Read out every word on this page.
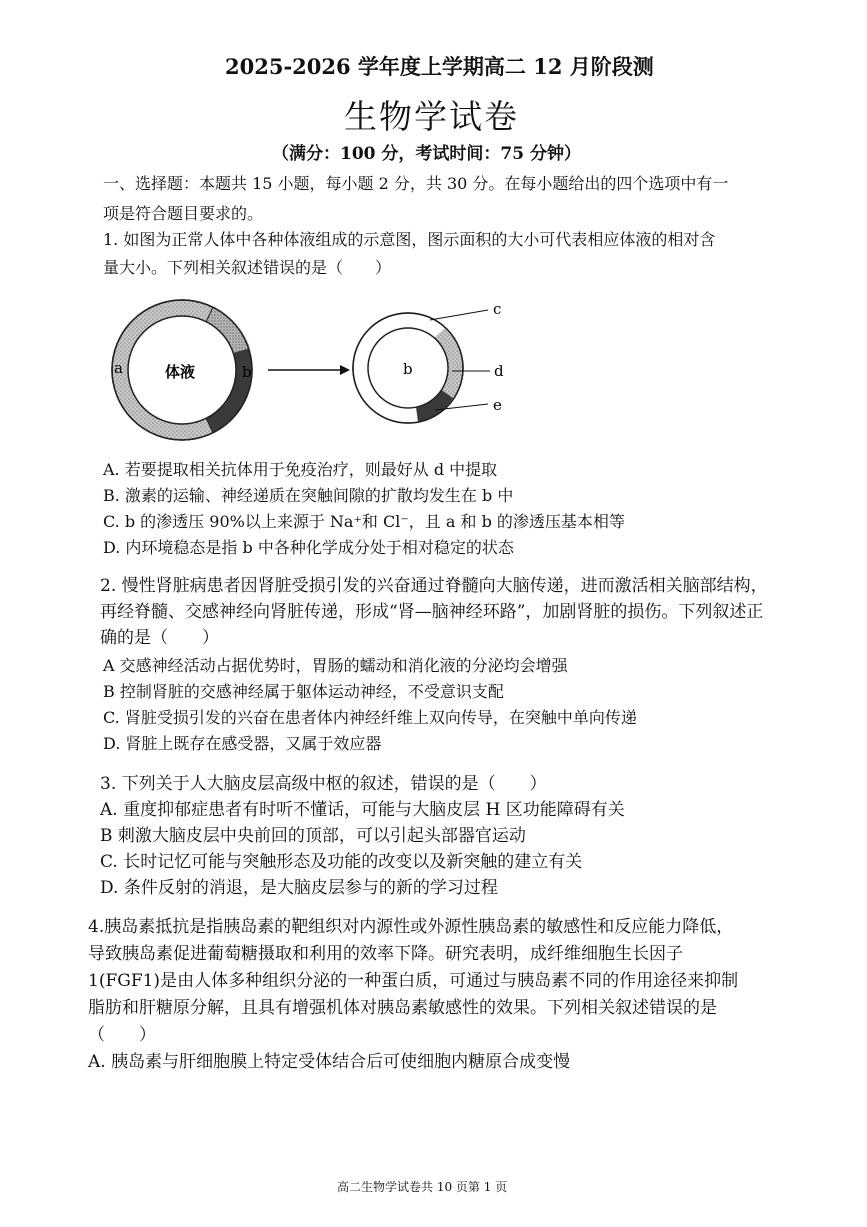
2025-2026 学年度上学期高二 12 月阶段测
生物学试卷
（满分：100 分，考试时间：75 分钟）
一、选择题：本题共 15 小题，每小题 2 分，共 30 分。在每小题给出的四个选项中有一
项是符合题目要求的。
1. 如图为正常人体中各种体液组成的示意图，图示面积的大小可代表相应体液的相对含
量大小。下列相关叙述错误的是（　　）
体液
a	b	b
c
d
e
A. 若要提取相关抗体用于免疫治疗，则最好从 d 中提取
B. 激素的运输、神经递质在突触间隙的扩散均发生在 b 中
C. b 的渗透压 90%以上来源于 Na⁺和 Cl⁻，且 a 和 b 的渗透压基本相等
D. 内环境稳态是指 b 中各种化学成分处于相对稳定的状态
2. 慢性肾脏病患者因肾脏受损引发的兴奋通过脊髓向大脑传递，进而激活相关脑部结构，
再经脊髓、交感神经向肾脏传递，形成“肾—脑神经环路”，加剧肾脏的损伤。下列叙述正
确的是（　　）
A 交感神经活动占据优势时，胃肠的蠕动和消化液的分泌均会增强
B 控制肾脏的交感神经属于躯体运动神经，不受意识支配
C. 肾脏受损引发的兴奋在患者体内神经纤维上双向传导，在突触中单向传递
D. 肾脏上既存在感受器，又属于效应器
3. 下列关于人大脑皮层高级中枢的叙述，错误的是（　　）
A. 重度抑郁症患者有时听不懂话，可能与大脑皮层 H 区功能障碍有关
B 刺激大脑皮层中央前回的顶部，可以引起头部器官运动
C. 长时记忆可能与突触形态及功能的改变以及新突触的建立有关
D. 条件反射的消退，是大脑皮层参与的新的学习过程
4.胰岛素抵抗是指胰岛素的靶组织对内源性或外源性胰岛素的敏感性和反应能力降低，
导致胰岛素促进葡萄糖摄取和利用的效率下降。研究表明，成纤维细胞生长因子
1(FGF1)是由人体多种组织分泌的一种蛋白质，可通过与胰岛素不同的作用途径来抑制
脂肪和肝糖原分解，且具有增强机体对胰岛素敏感性的效果。下列相关叙述错误的是
（　　）
A. 胰岛素与肝细胞膜上特定受体结合后可使细胞内糖原合成变慢
高二生物学试卷共 10 页第 1 页
